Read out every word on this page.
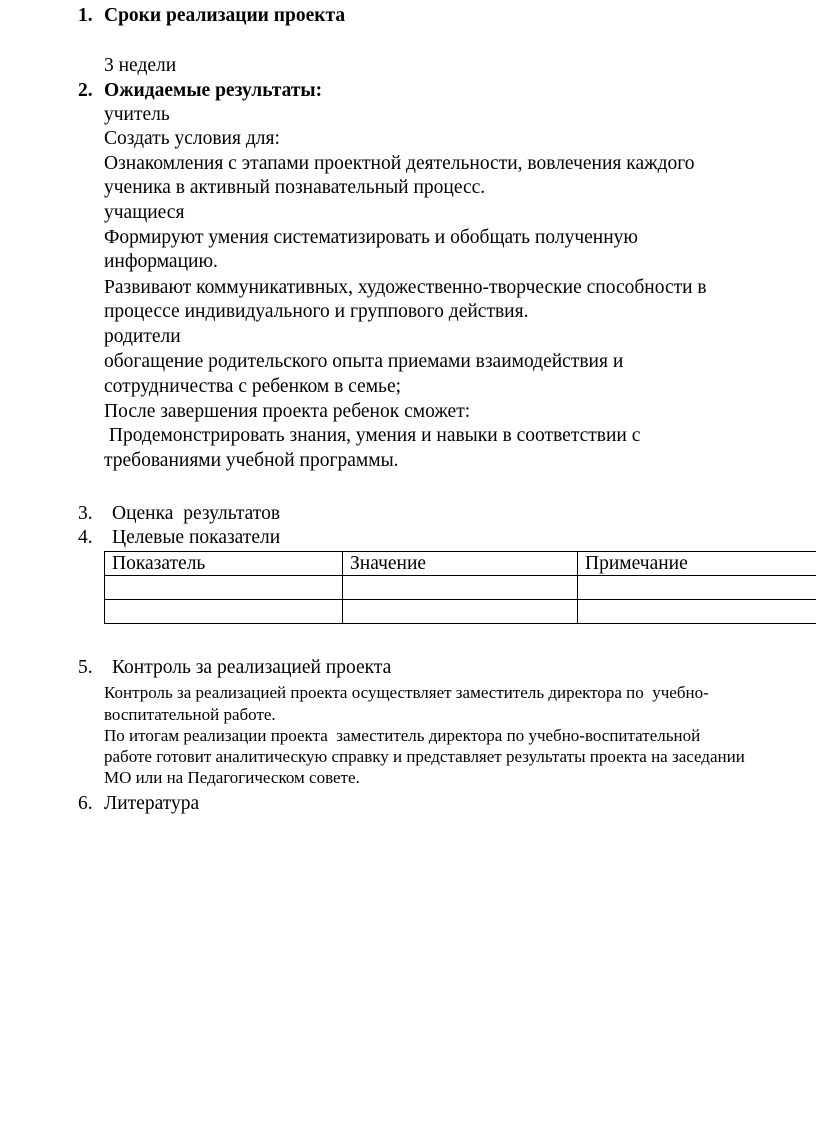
1. Сроки реализации проекта
3 недели
2. Ожидаемые результаты:
учитель
Создать условия для:
Ознакомления с этапами проектной деятельности, вовлечения каждого
ученика в активный познавательный процесс.
учащиеся
Формируют умения систематизировать и обобщать полученную
информацию.
Развивают коммуникативных, художественно-творческие способности в
процессе индивидуального и группового действия.
родители
обогащение родительского опыта приемами взаимодействия и
сотрудничества с ребенком в семье;
После завершения проекта ребенок сможет:
Продемонстрировать знания, умения и навыки в соответствии с
требованиями учебной программы.
3. Оценка  результатов
4. Целевые показатели
Показатель	Значение	Примечание

5. Контроль за реализацией проекта
Контроль за реализацией проекта осуществляет заместитель директора по  учебно-
воспитательной работе.
По итогам реализации проекта  заместитель директора по учебно-воспитательной
работе готовит аналитическую справку и представляет результаты проекта на заседании
МО или на Педагогическом совете.
6. Литература
